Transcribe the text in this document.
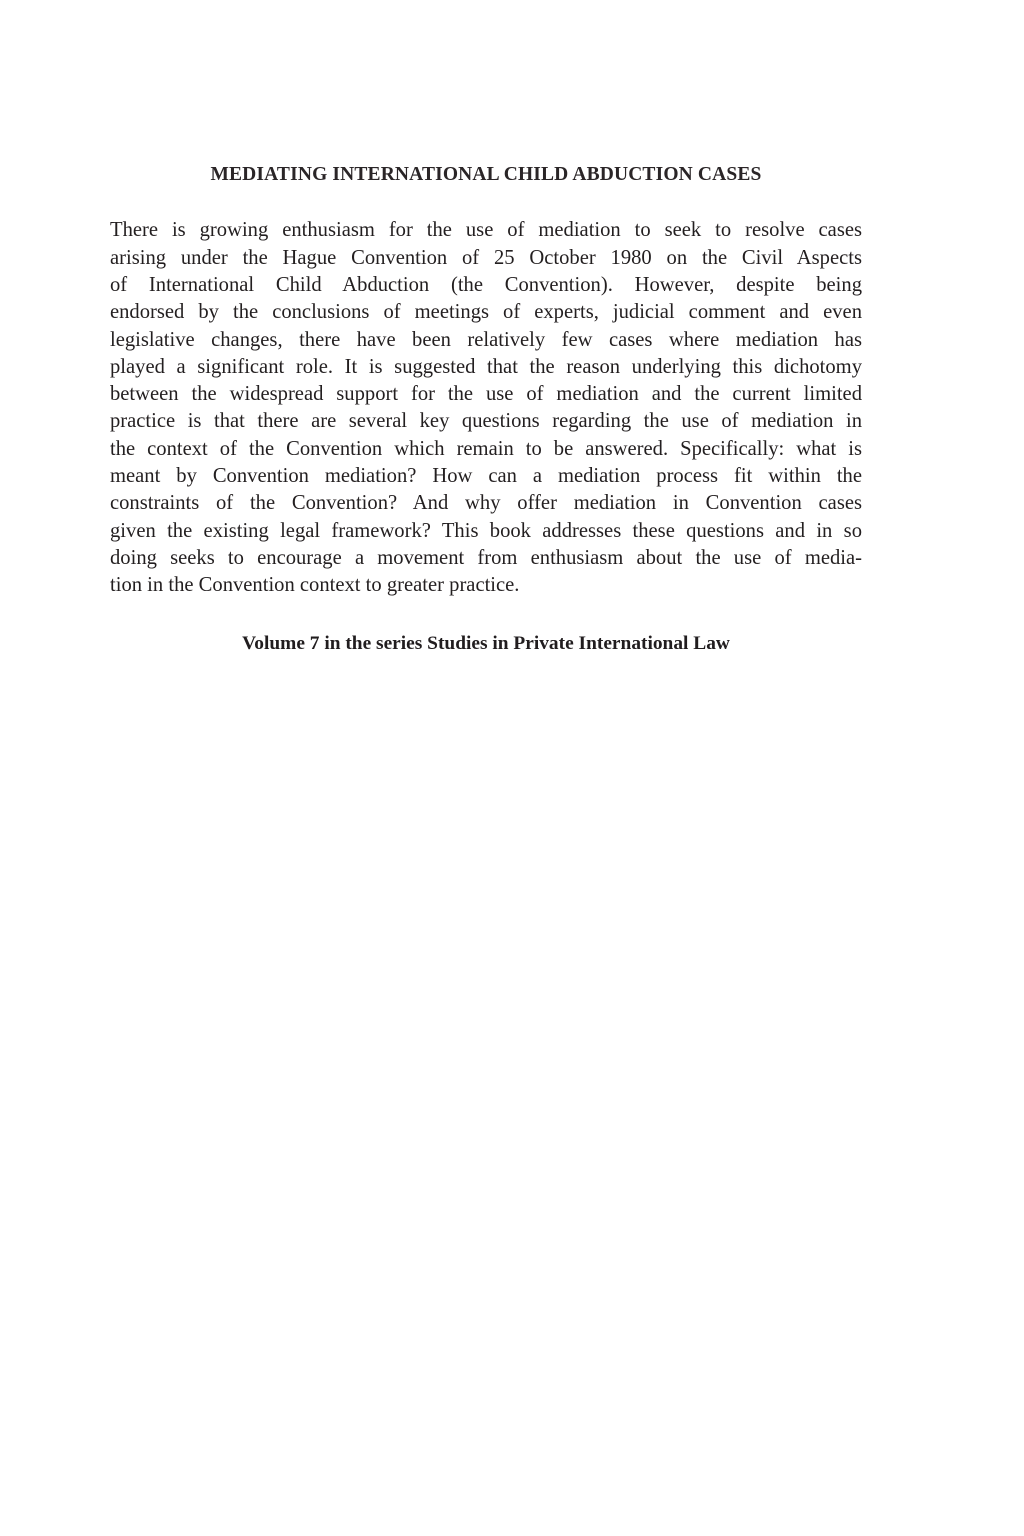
MEDIATING INTERNATIONAL CHILD ABDUCTION CASES
There is growing enthusiasm for the use of mediation to seek to resolve cases
arising under the Hague Convention of 25 October 1980 on the Civil Aspects
of International Child Abduction (the Convention). However, despite being
endorsed by the conclusions of meetings of experts, judicial comment and even
legislative changes, there have been relatively few cases where mediation has
played a significant role. It is suggested that the reason underlying this dichotomy
between the widespread support for the use of mediation and the current limited
practice is that there are several key questions regarding the use of mediation in
the context of the Convention which remain to be answered. Specifically: what is
meant by Convention mediation? How can a mediation process fit within the
constraints of the Convention? And why offer mediation in Convention cases
given the existing legal framework? This book addresses these questions and in so
doing seeks to encourage a movement from enthusiasm about the use of media-
tion in the Convention context to greater practice.

Volume 7 in the series Studies in Private International Law
